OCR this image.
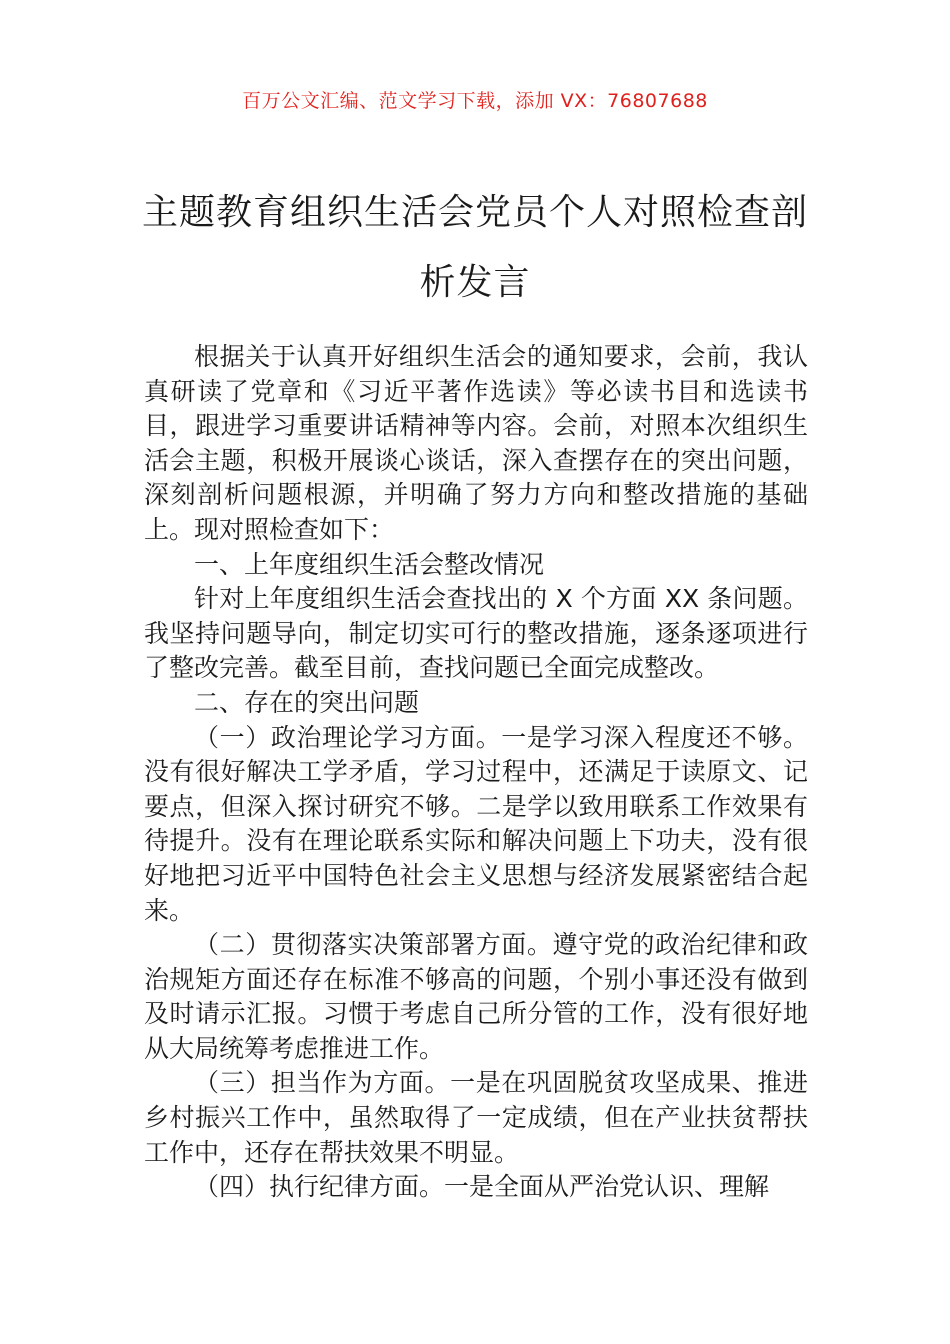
百万公文汇编、范文学习下载，添加 VX：76807688
主题教育组织生活会党员个人对照检查剖
析发言

根据关于认真开好组织生活会的通知要求，会前，我认真研读了党章和《习近平著作选读》等必读书目和选读书目，跟进学习重要讲话精神等内容。会前，对照本次组织生活会主题，积极开展谈心谈话，深入查摆存在的突出问题，深刻剖析问题根源，并明确了努力方向和整改措施的基础上。现对照检查如下：

一、上年度组织生活会整改情况

针对上年度组织生活会查找出的 X 个方面 XX 条问题。我坚持问题导向，制定切实可行的整改措施，逐条逐项进行了整改完善。截至目前，查找问题已全面完成整改。

二、存在的突出问题

（一）政治理论学习方面。一是学习深入程度还不够。没有很好解决工学矛盾，学习过程中，还满足于读原文、记要点，但深入探讨研究不够。二是学以致用联系工作效果有待提升。没有在理论联系实际和解决问题上下功夫，没有很好地把习近平中国特色社会主义思想与经济发展紧密结合起来。

（二）贯彻落实决策部署方面。遵守党的政治纪律和政治规矩方面还存在标准不够高的问题，个别小事还没有做到及时请示汇报。习惯于考虑自己所分管的工作，没有很好地从大局统筹考虑推进工作。

（三）担当作为方面。一是在巩固脱贫攻坚成果、推进乡村振兴工作中，虽然取得了一定成绩，但在产业扶贫帮扶工作中，还存在帮扶效果不明显。

（四）执行纪律方面。一是全面从严治党认识、理解
